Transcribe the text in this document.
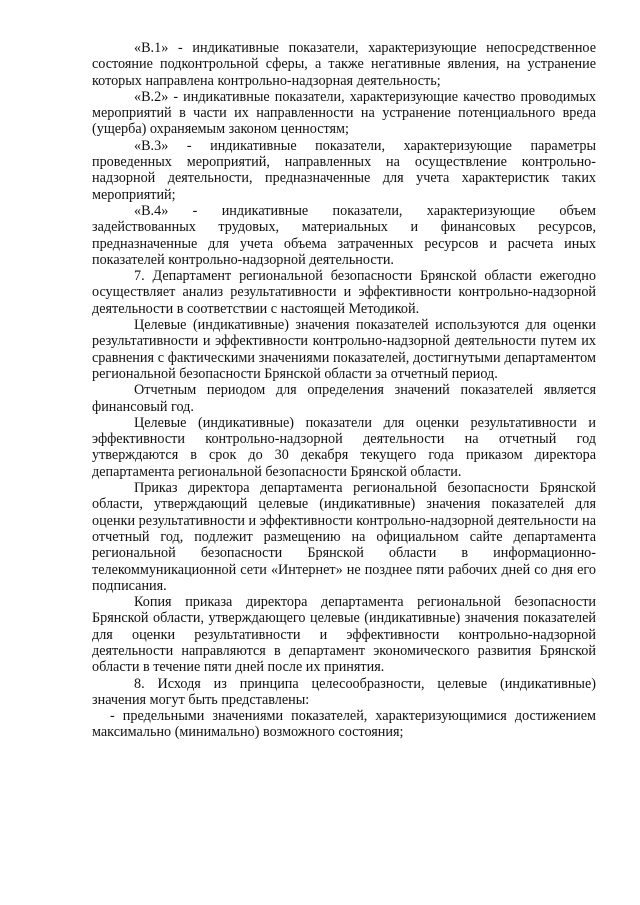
«В.1» - индикативные показатели, характеризующие непосредственное состояние подконтрольной сферы, а также негативные явления, на устранение которых направлена контрольно-надзорная деятельность;

«В.2» - индикативные показатели, характеризующие качество проводимых мероприятий в части их направленности на устранение потенциального вреда (ущерба) охраняемым законом ценностям;

«В.3» - индикативные показатели, характеризующие параметры проведенных мероприятий, направленных на осуществление контрольно-надзорной деятельности, предназначенные для учета характеристик таких мероприятий;

«В.4» - индикативные показатели, характеризующие объем задействованных трудовых, материальных и финансовых ресурсов, предназначенные для учета объема затраченных ресурсов и расчета иных показателей контрольно-надзорной деятельности.

7. Департамент региональной безопасности Брянской области ежегодно осуществляет анализ результативности и эффективности контрольно-надзорной деятельности в соответствии с настоящей Методикой.

Целевые (индикативные) значения показателей используются для оценки результативности и эффективности контрольно-надзорной деятельности путем их сравнения с фактическими значениями показателей, достигнутыми департаментом региональной безопасности Брянской области за отчетный период.

Отчетным периодом для определения значений показателей является финансовый год.

Целевые (индикативные) показатели для оценки результативности и эффективности контрольно-надзорной деятельности на отчетный год утверждаются в срок до 30 декабря текущего года приказом директора департамента региональной безопасности Брянской области.

Приказ директора департамента региональной безопасности Брянской области, утверждающий целевые (индикативные) значения показателей для оценки результативности и эффективности контрольно-надзорной деятельности на отчетный год, подлежит размещению на официальном сайте департамента региональной безопасности Брянской области в информационно-телекоммуникационной сети «Интернет» не позднее пяти рабочих дней со дня его подписания.

Копия приказа директора департамента региональной безопасности Брянской области, утверждающего целевые (индикативные) значения показателей для оценки результативности и эффективности контрольно-надзорной деятельности направляются в департамент экономического развития Брянской области в течение пяти дней после их принятия.

8. Исходя из принципа целесообразности, целевые (индикативные) значения могут быть представлены:

- предельными значениями показателей, характеризующимися достижением максимально (минимально) возможного состояния;
